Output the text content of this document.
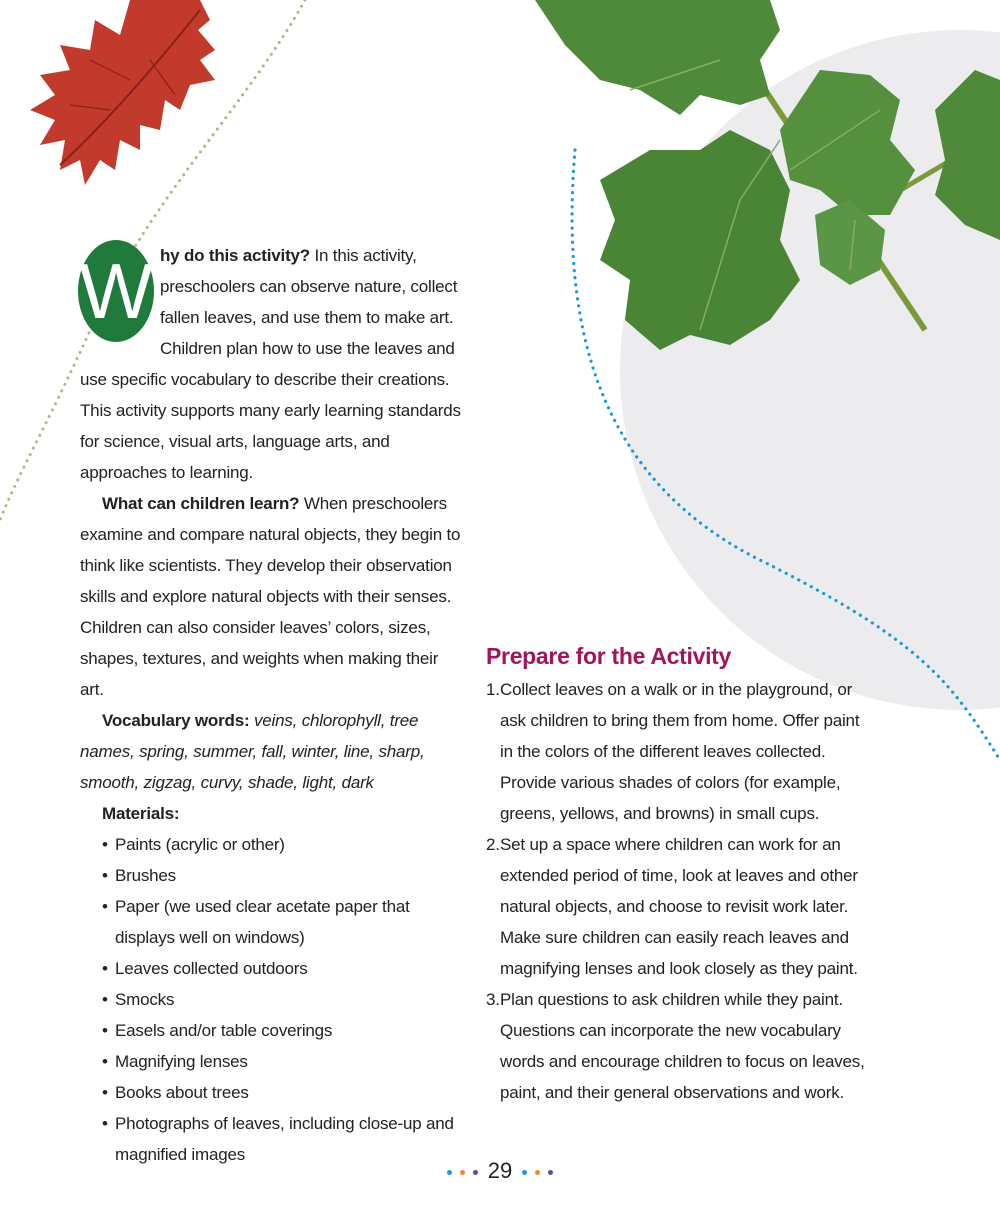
W hy do this activity? In this activity, preschoolers can observe nature, collect fallen leaves, and use them to make art. Children plan how to use the leaves and use specific vocabulary to describe their creations. This activity supports many early learning standards for science, visual arts, language arts, and approaches to learning.

What can children learn? When preschoolers examine and compare natural objects, they begin to think like scientists. They develop their observation skills and explore natural objects with their senses. Children can also consider leaves’ colors, sizes, shapes, textures, and weights when making their art.

Vocabulary words: veins, chlorophyll, tree names, spring, summer, fall, winter, line, sharp, smooth, zigzag, curvy, shade, light, dark

Materials:

• Paints (acrylic or other)
• Brushes
• Paper (we used clear acetate paper that displays well on windows)
• Leaves collected outdoors
• Smocks
• Easels and/or table coverings
• Magnifying lenses
• Books about trees
• Photographs of leaves, including close-up and magnified images
Prepare for the Activity
1. Collect leaves on a walk or in the playground, or ask children to bring them from home. Offer paint in the colors of the different leaves collected. Provide various shades of colors (for example, greens, yellows, and browns) in small cups.
2. Set up a space where children can work for an extended period of time, look at leaves and other natural objects, and choose to revisit work later. Make sure children can easily reach leaves and magnifying lenses and look closely as they paint.
3. Plan questions to ask children while they paint. Questions can incorporate the new vocabulary words and encourage children to focus on leaves, paint, and their general observations and work.
29
